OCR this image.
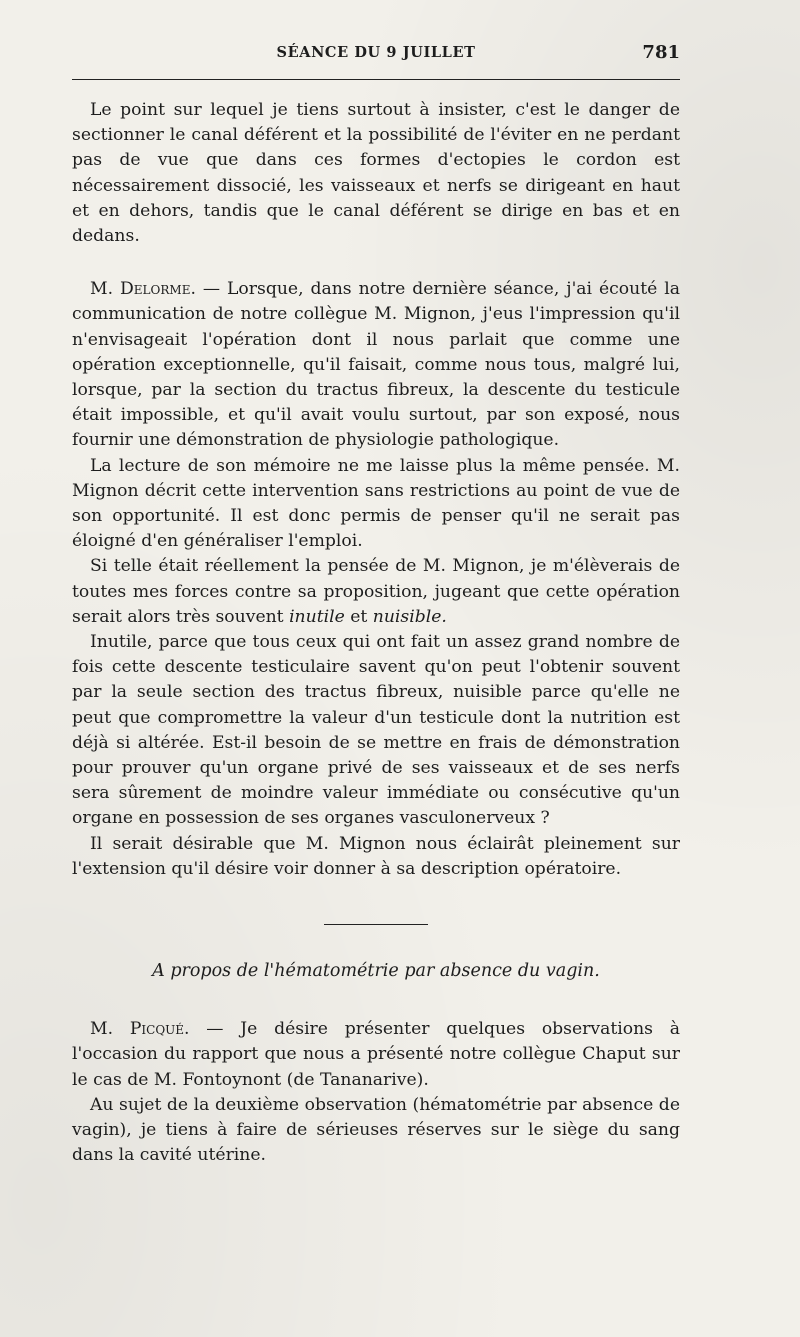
SÉANCE DU 9 JUILLET	781

Le point sur lequel je tiens surtout à insister, c'est le danger de sectionner le canal déférent et la possibilité de l'éviter en ne perdant pas de vue que dans ces formes d'ectopies le cordon est nécessairement dissocié, les vaisseaux et nerfs se dirigeant en haut et en dehors, tandis que le canal déférent se dirige en bas et en dedans.

M. Delorme. — Lorsque, dans notre dernière séance, j'ai écouté la communication de notre collègue M. Mignon, j'eus l'impression qu'il n'envisageait l'opération dont il nous parlait que comme une opération exceptionnelle, qu'il faisait, comme nous tous, malgré lui, lorsque, par la section du tractus fibreux, la descente du testicule était impossible, et qu'il avait voulu surtout, par son exposé, nous fournir une démonstration de physiologie pathologique.

La lecture de son mémoire ne me laisse plus la même pensée. M. Mignon décrit cette intervention sans restrictions au point de vue de son opportunité. Il est donc permis de penser qu'il ne serait pas éloigné d'en généraliser l'emploi.

Si telle était réellement la pensée de M. Mignon, je m'élèverais de toutes mes forces contre sa proposition, jugeant que cette opération serait alors très souvent inutile et nuisible.

Inutile, parce que tous ceux qui ont fait un assez grand nombre de fois cette descente testiculaire savent qu'on peut l'obtenir souvent par la seule section des tractus fibreux, nuisible parce qu'elle ne peut que compromettre la valeur d'un testicule dont la nutrition est déjà si altérée. Est-il besoin de se mettre en frais de démonstration pour prouver qu'un organe privé de ses vaisseaux et de ses nerfs sera sûrement de moindre valeur immédiate ou consécutive qu'un organe en possession de ses organes vasculonerveux ?

Il serait désirable que M. Mignon nous éclairât pleinement sur l'extension qu'il désire voir donner à sa description opératoire.

A propos de l'hématométrie par absence du vagin.

M. Picqué. — Je désire présenter quelques observations à l'occasion du rapport que nous a présenté notre collègue Chaput sur le cas de M. Fontoynont (de Tananarive).

Au sujet de la deuxième observation (hématométrie par absence de vagin), je tiens à faire de sérieuses réserves sur le siège du sang dans la cavité utérine.
